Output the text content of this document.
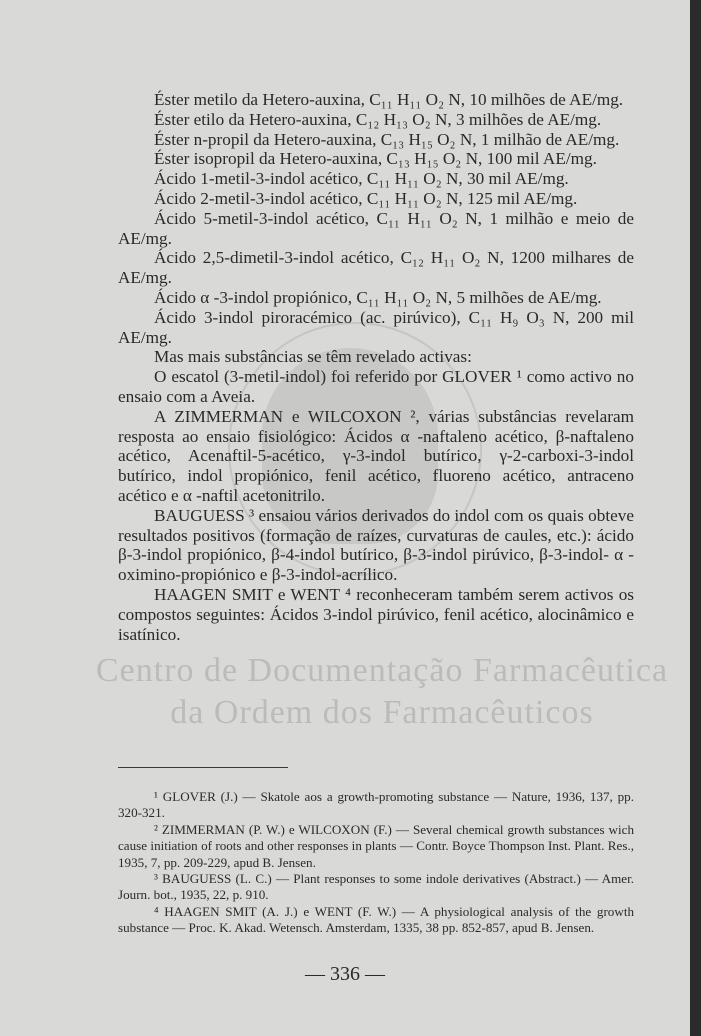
Éster metilo da Hetero-auxina, C₁₁ H₁₁ O₂ N, 10 milhões de AE/mg.

Éster etilo da Hetero-auxina, C₁₂ H₁₃ O₂ N, 3 milhões de AE/mg.

Éster n-propil da Hetero-auxina, C₁₃ H₁₅ O₂ N, 1 milhão de AE/mg.

Éster isopropil da Hetero-auxina, C₁₃ H₁₅ O₂ N, 100 mil AE/mg.

Ácido 1-metil-3-indol acético, C₁₁ H₁₁ O₂ N, 30 mil AE/mg.

Ácido 2-metil-3-indol acético, C₁₁ H₁₁ O₂ N, 125 mil AE/mg.

Ácido 5-metil-3-indol acético, C₁₁ H₁₁ O₂ N, 1 milhão e meio de AE/mg.

Ácido 2,5-dimetil-3-indol acético, C₁₂ H₁₁ O₂ N, 1200 milhares de AE/mg.

Ácido α -3-indol propiónico, C₁₁ H₁₁ O₂ N, 5 milhões de AE/mg.

Ácido 3-indol piroracémico (ac. pirúvico), C₁₁ H₉ O₃ N, 200 mil AE/mg.

Mas mais substâncias se têm revelado activas:

O escatol (3-metil-indol) foi referido por GLOVER ¹ como activo no ensaio com a Aveia.

A ZIMMERMAN e WILCOXON ², várias substâncias revelaram resposta ao ensaio fisiológico: Ácidos α -naftaleno acético, β-naftaleno acético, Acenaftil-5-acético, γ-3-indol butírico, γ-2-carboxi-3-indol butírico, indol propiónico, fenil acético, fluoreno acético, antraceno acético e α -naftil acetonitrilo.

BAUGUESS ³ ensaiou vários derivados do indol com os quais obteve resultados positivos (formação de raízes, curvaturas de caules, etc.): ácido β-3-indol propiónico, β-4-indol butírico, β-3-indol pirúvico, β-3-indol- α -oximino-propiónico e β-3-indol-acrílico.

HAAGEN SMIT e WENT ⁴ reconheceram também serem activos os compostos seguintes: Ácidos 3-indol pirúvico, fenil acético, alocinâmico e isatínico.

¹ GLOVER (J.) — Skatole aos a growth-promoting substance — Nature, 1936, 137, pp. 320-321.

² ZIMMERMAN (P. W.) e WILCOXON (F.) — Several chemical growth substances wich cause initiation of roots and other responses in plants — Contr. Boyce Thompson Inst. Plant. Res., 1935, 7, pp. 209-229, apud B. Jensen.

³ BAUGUESS (L. C.) — Plant responses to some indole derivatives (Abstract.) — Amer. Journ. bot., 1935, 22, p. 910.

⁴ HAAGEN SMIT (A. J.) e WENT (F. W.) — A physiological analysis of the growth substance — Proc. K. Akad. Wetensch. Amsterdam, 1335, 38 pp. 852-857, apud B. Jensen.

Centro de Documentação Farmacêutica
da Ordem dos Farmacêuticos
— 336 —
